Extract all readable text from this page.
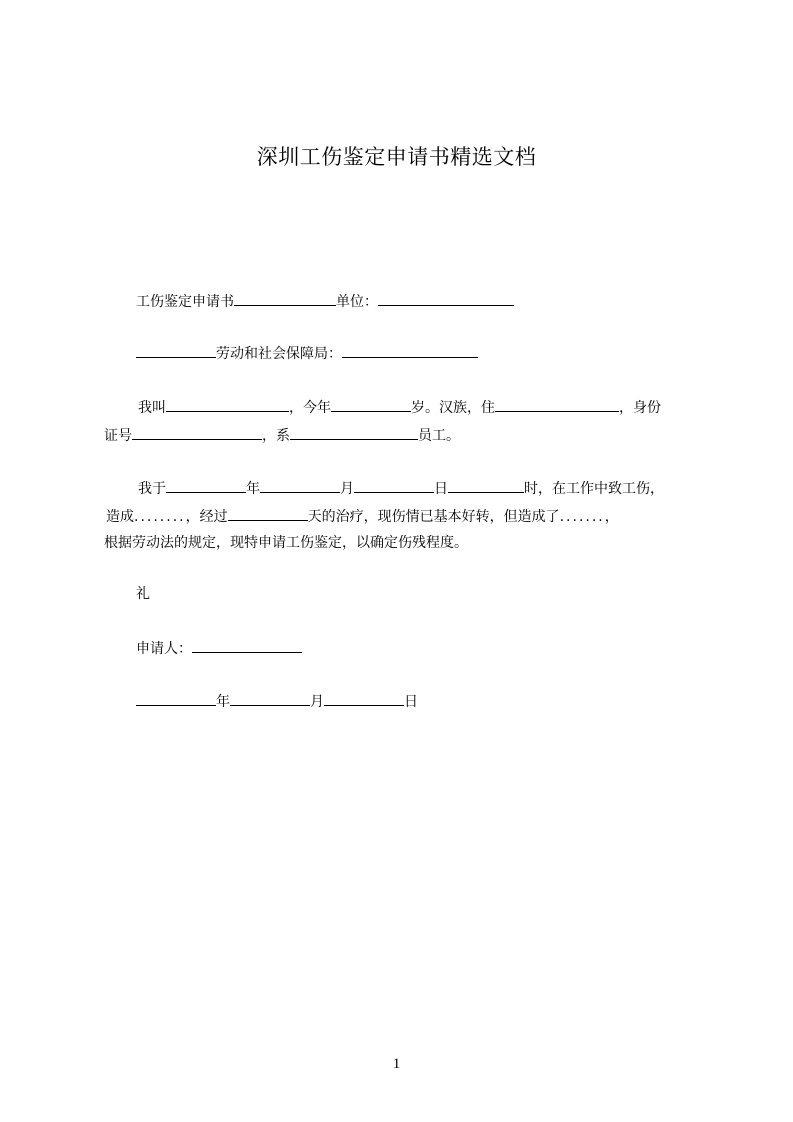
深圳工伤鉴定申请书精选文档
工伤鉴定申请书	单位：
劳动和社会保障局：
我叫	，今年	岁。汉族，住	，身份
证号	，系	员工。
我于	年	月	日	时，在工作中致工伤，
造成........，经过	天的治疗，现伤情已基本好转，但造成了.......，
根据劳动法的规定，现特申请工伤鉴定，以确定伤残程度。
礼
申请人：
年	月	日
1
